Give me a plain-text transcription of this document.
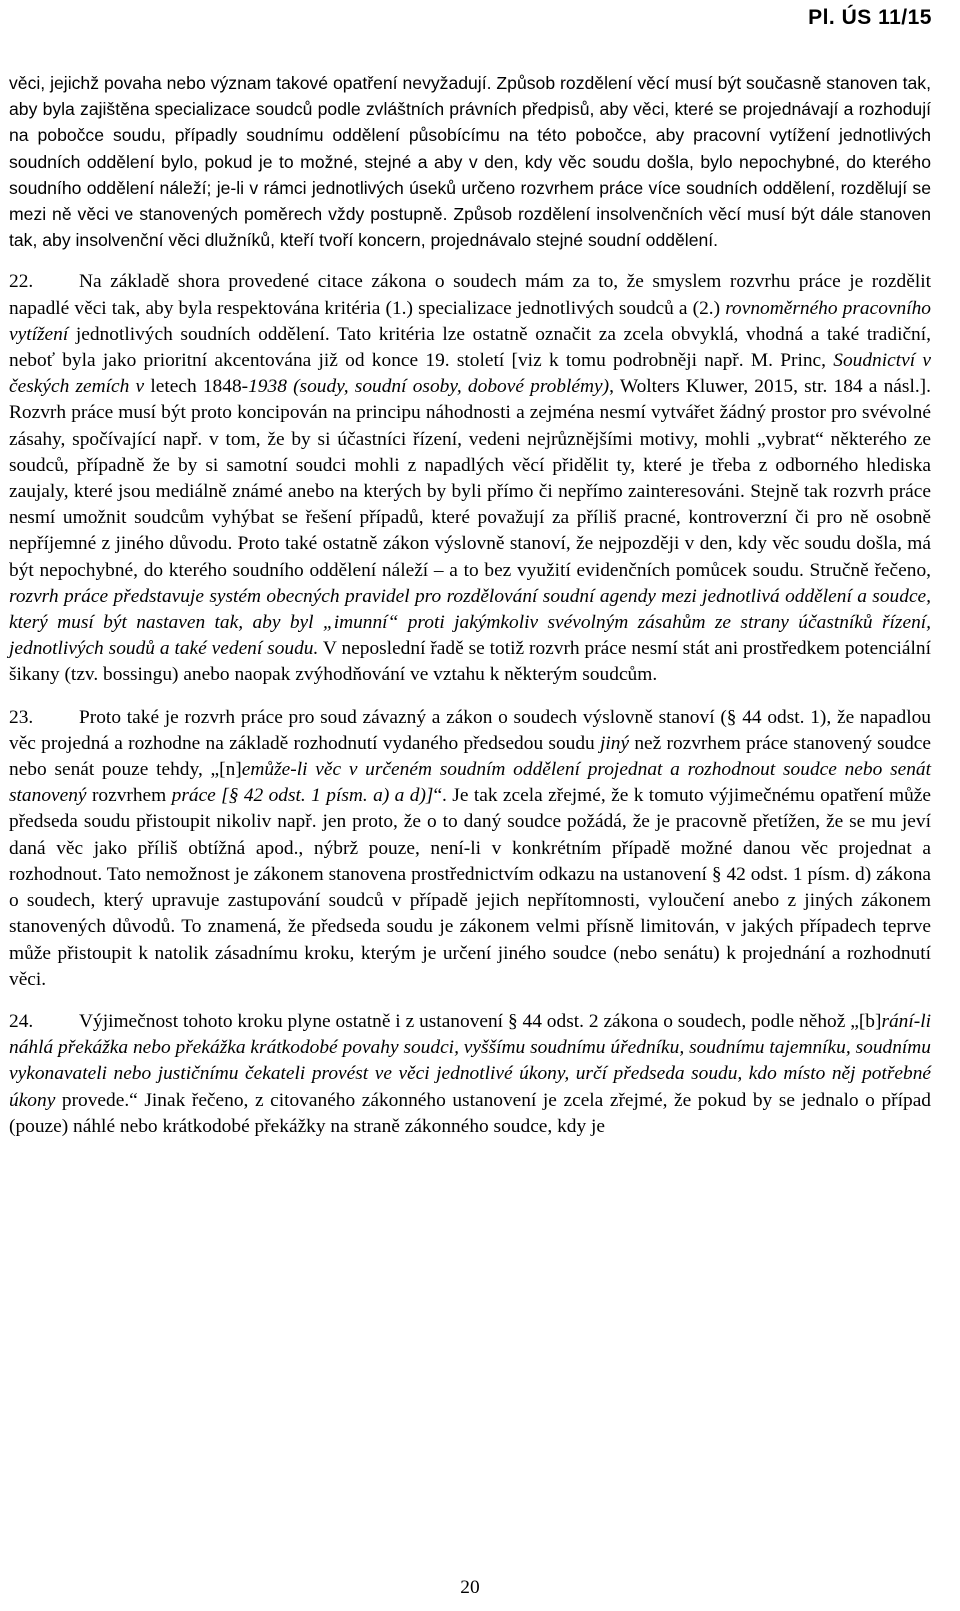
Pl. ÚS 11/15

věci, jejichž povaha nebo význam takové opatření nevyžadují. Způsob rozdělení věcí musí být současně stanoven tak, aby byla zajištěna specializace soudců podle zvláštních právních předpisů, aby věci, které se projednávají a rozhodují na pobočce soudu, případly soudnímu oddělení působícímu na této pobočce, aby pracovní vytížení jednotlivých soudních oddělení bylo, pokud je to možné, stejné a aby v den, kdy věc soudu došla, bylo nepochybné, do kterého soudního oddělení náleží; je-li v rámci jednotlivých úseků určeno rozvrhem práce více soudních oddělení, rozdělují se mezi ně věci ve stanovených poměrech vždy postupně. Způsob rozdělení insolvenčních věcí musí být dále stanoven tak, aby insolvenční věci dlužníků, kteří tvoří koncern, projednávalo stejné soudní oddělení.

22. Na základě shora provedené citace zákona o soudech mám za to, že smyslem rozvrhu práce je rozdělit napadlé věci tak, aby byla respektována kritéria (1.) specializace jednotlivých soudců a (2.) rovnoměrného pracovního vytížení jednotlivých soudních oddělení. Tato kritéria lze ostatně označit za zcela obvyklá, vhodná a také tradiční, neboť byla jako prioritní akcentována již od konce 19. století [viz k tomu podrobněji např. M. Princ, Soudnictví v českých zemích v letech 1848-1938 (soudy, soudní osoby, dobové problémy), Wolters Kluwer, 2015, str. 184 a násl.]. Rozvrh práce musí být proto koncipován na principu náhodnosti a zejména nesmí vytvářet žádný prostor pro svévolné zásahy, spočívající např. v tom, že by si účastníci řízení, vedeni nejrůznějšími motivy, mohli „vybrat“ některého ze soudců, případně že by si samotní soudci mohli z napadlých věcí přidělit ty, které je třeba z odborného hlediska zaujaly, které jsou mediálně známé anebo na kterých by byli přímo či nepřímo zainteresováni. Stejně tak rozvrh práce nesmí umožnit soudcům vyhýbat se řešení případů, které považují za příliš pracné, kontroverzní či pro ně osobně nepříjemné z jiného důvodu. Proto také ostatně zákon výslovně stanoví, že nejpozději v den, kdy věc soudu došla, má být nepochybné, do kterého soudního oddělení náleží – a to bez využití evidenčních pomůcek soudu. Stručně řečeno, rozvrh práce představuje systém obecných pravidel pro rozdělování soudní agendy mezi jednotlivá oddělení a soudce, který musí být nastaven tak, aby byl „imunní“ proti jakýmkoliv svévolným zásahům ze strany účastníků řízení, jednotlivých soudů a také vedení soudu. V neposlední řadě se totiž rozvrh práce nesmí stát ani prostředkem potenciální šikany (tzv. bossingu) anebo naopak zvýhodňování ve vztahu k některým soudcům.

23. Proto také je rozvrh práce pro soud závazný a zákon o soudech výslovně stanoví (§ 44 odst. 1), že napadlou věc projedná a rozhodne na základě rozhodnutí vydaného předsedou soudu jiný než rozvrhem práce stanovený soudce nebo senát pouze tehdy, „[n]emůže-li věc v určeném soudním oddělení projednat a rozhodnout soudce nebo senát stanovený rozvrhem práce [§ 42 odst. 1 písm. a) a d)]“. Je tak zcela zřejmé, že k tomuto výjimečnému opatření může předseda soudu přistoupit nikoliv např. jen proto, že o to daný soudce požádá, že je pracovně přetížen, že se mu jeví daná věc jako příliš obtížná apod., nýbrž pouze, není-li v konkrétním případě možné danou věc projednat a rozhodnout. Tato nemožnost je zákonem stanovena prostřednictvím odkazu na ustanovení § 42 odst. 1 písm. d) zákona o soudech, který upravuje zastupování soudců v případě jejich nepřítomnosti, vyloučení anebo z jiných zákonem stanovených důvodů. To znamená, že předseda soudu je zákonem velmi přísně limitován, v jakých případech teprve může přistoupit k natolik zásadnímu kroku, kterým je určení jiného soudce (nebo senátu) k projednání a rozhodnutí věci.

24. Výjimečnost tohoto kroku plyne ostatně i z ustanovení § 44 odst. 2 zákona o soudech, podle něhož „[b]rání-li náhlá překážka nebo překážka krátkodobé povahy soudci, vyššímu soudnímu úředníku, soudnímu tajemníku, soudnímu vykonavateli nebo justičnímu čekateli provést ve věci jednotlivé úkony, určí předseda soudu, kdo místo něj potřebné úkony provede.“ Jinak řečeno, z citovaného zákonného ustanovení je zcela zřejmé, že pokud by se jednalo o případ (pouze) náhlé nebo krátkodobé překážky na straně zákonného soudce, kdy je

20
